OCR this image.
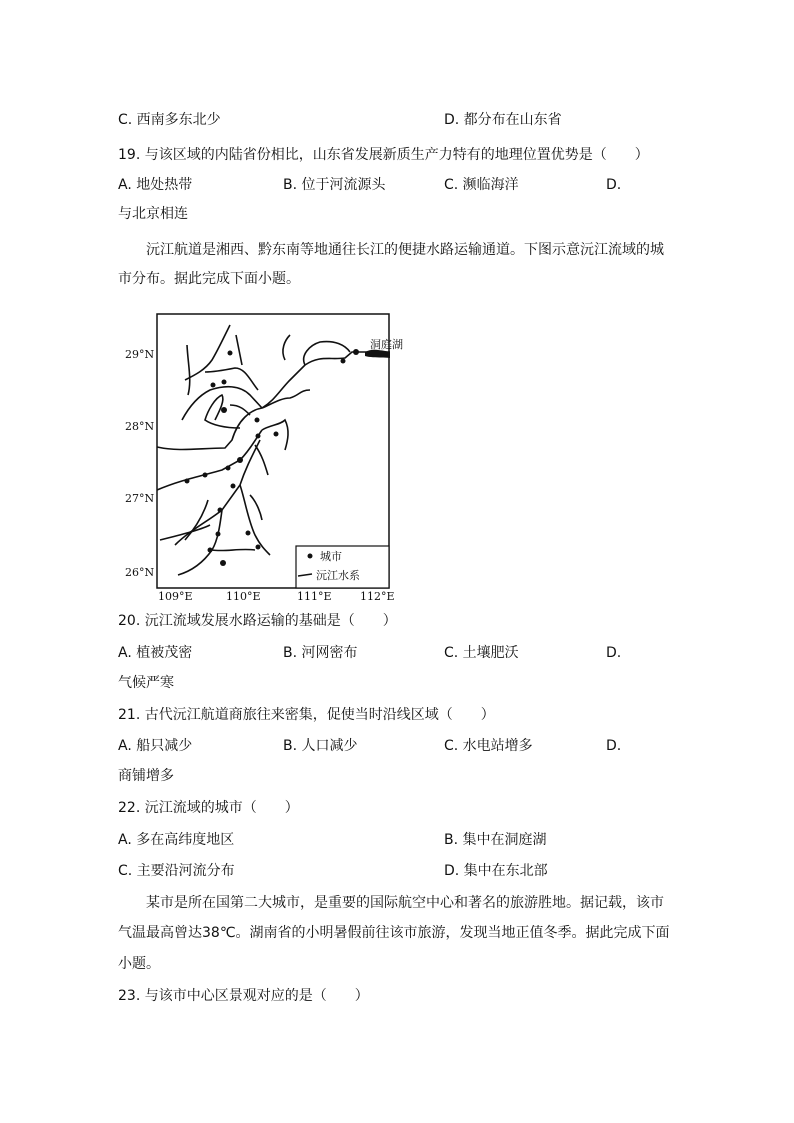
C. 西南多东北少	D. 都分布在山东省
19. 与该区域的内陆省份相比，山东省发展新质生产力特有的地理位置优势是（　　）
A. 地处热带	B. 位于河流源头	C. 濒临海洋	D.
与北京相连
沅江航道是湘西、黔东南等地通往长江的便捷水路运输通道。下图示意沅江流域的城
市分布。据此完成下面小题。
洞庭湖
29°N
28°N
27°N
26°N
109°E	110°E	111°E	112°E
城市
沅江水系
20. 沅江流域发展水路运输的基础是（　　）
A. 植被茂密	B. 河网密布	C. 土壤肥沃	D.
气候严寒
21. 古代沅江航道商旅往来密集，促使当时沿线区域（　　）
A. 船只减少	B. 人口减少	C. 水电站增多	D.
商铺增多
22. 沅江流域的城市（　　）
A. 多在高纬度地区	B. 集中在洞庭湖
C. 主要沿河流分布	D. 集中在东北部
某市是所在国第二大城市，是重要的国际航空中心和著名的旅游胜地。据记载，该市
气温最高曾达38℃。湖南省的小明暑假前往该市旅游，发现当地正值冬季。据此完成下面
小题。
23. 与该市中心区景观对应的是（　　）
